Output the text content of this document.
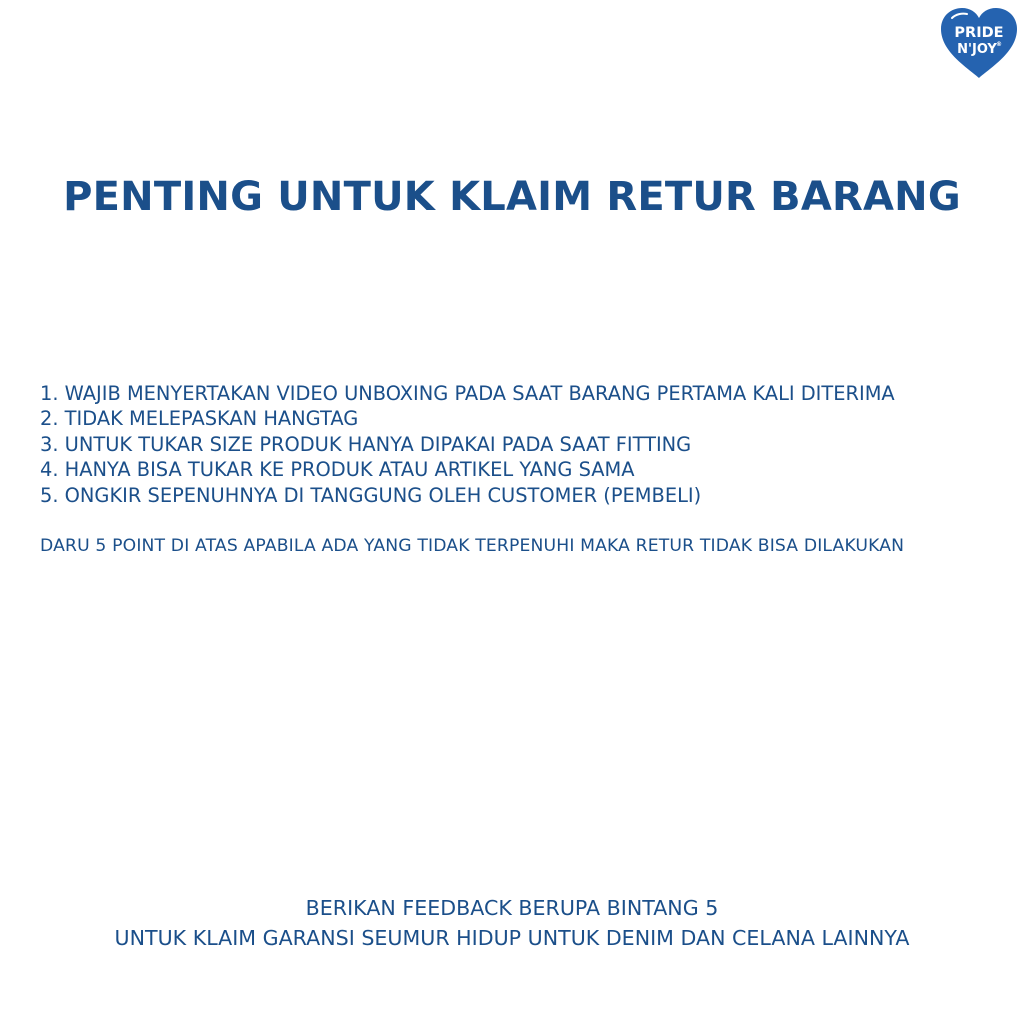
PRIDE
N'JOY ®
PENTING UNTUK KLAIM RETUR BARANG
1. WAJIB MENYERTAKAN VIDEO UNBOXING PADA SAAT BARANG PERTAMA KALI DITERIMA
2. TIDAK MELEPASKAN HANGTAG
3. UNTUK TUKAR SIZE PRODUK HANYA DIPAKAI PADA SAAT FITTING
4. HANYA BISA TUKAR KE PRODUK ATAU ARTIKEL YANG SAMA
5. ONGKIR SEPENUHNYA DI TANGGUNG OLEH CUSTOMER (PEMBELI)
DARU 5 POINT DI ATAS APABILA ADA YANG TIDAK TERPENUHI MAKA RETUR TIDAK BISA DILAKUKAN
BERIKAN FEEDBACK BERUPA BINTANG 5
UNTUK KLAIM GARANSI SEUMUR HIDUP UNTUK DENIM DAN CELANA LAINNYA
